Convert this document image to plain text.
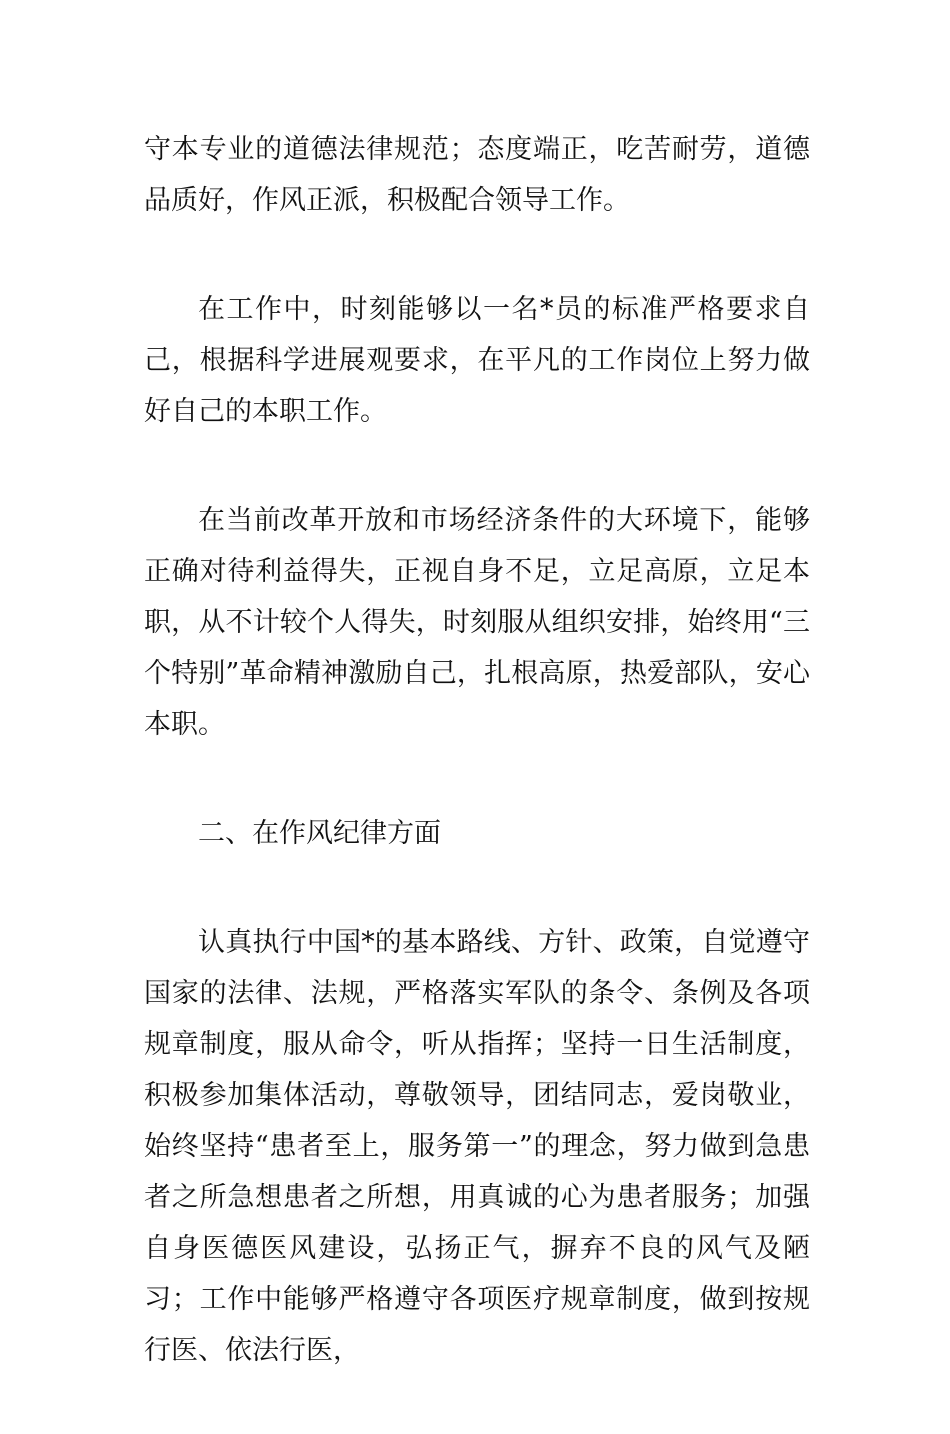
守本专业的道德法律规范；态度端正，吃苦耐劳，道德品质好，作风正派，积极配合领导工作。

在工作中，时刻能够以一名*员的标准严格要求自己，根据科学进展观要求，在平凡的工作岗位上努力做好自己的本职工作。

在当前改革开放和市场经济条件的大环境下，能够正确对待利益得失，正视自身不足，立足高原，立足本职，从不计较个人得失，时刻服从组织安排，始终用“三个特别”革命精神激励自己，扎根高原，热爱部队，安心本职。

二、在作风纪律方面

认真执行中国*的基本路线、方针、政策，自觉遵守国家的法律、法规，严格落实军队的条令、条例及各项规章制度，服从命令，听从指挥；坚持一日生活制度，积极参加集体活动，尊敬领导，团结同志，爱岗敬业，始终坚持“患者至上，服务第一”的理念，努力做到急患者之所急想患者之所想，用真诚的心为患者服务；加强自身医德医风建设，弘扬正气，摒弃不良的风气及陋习；工作中能够严格遵守各项医疗规章制度，做到按规行医、依法行医，
